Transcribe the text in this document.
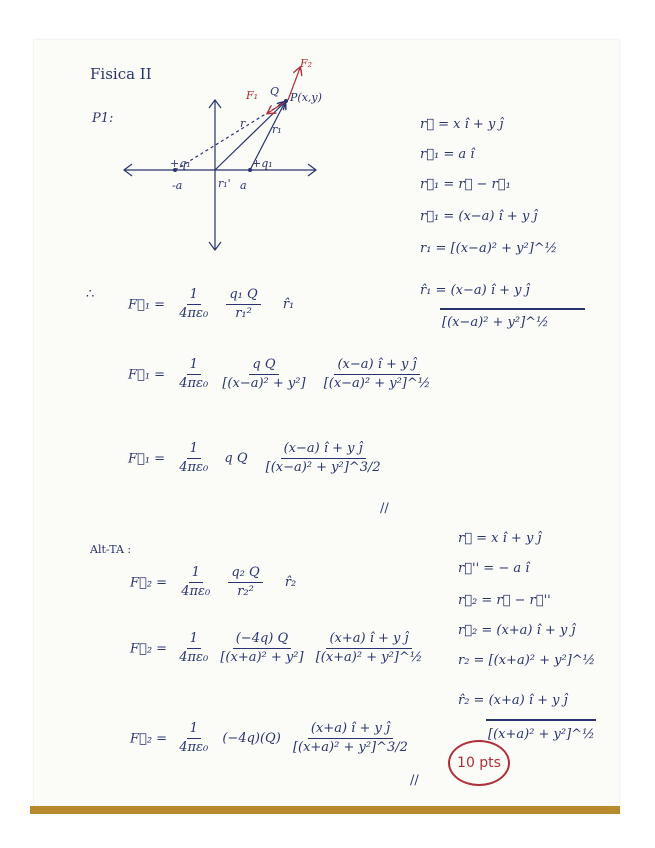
Fisica II
P1:
F₂
F₁ Q P(x,y)
r r₁
+q₁	+q₁
-a	a
r₁'
r⃗ = x î + y ĵ
r⃗₁ = a î
r⃗₁ = r⃗ − r⃗₁
r⃗₁ = (x−a) î + y ĵ
r₁ = [(x−a)² + y²]^½
r̂₁ = (x−a) î + y ĵ
[(x−a)² + y²]^½
∴
F⃗₁ = $\frac{1}{\text{4πε₀}}$
$\frac{\text{q₁ Q}}{\text{r₁²}}$ r̂₁
F⃗₁ = $\frac{1}{\text{4πε₀}}$
$\frac{\text{q Q}}{\text{[(x−a)² + y²]}}$
$\frac{\text{(x−a) î + y ĵ}}{\text{[(x−a)² + y²]\textasciicircum{}½}}$
F⃗₁ = $\frac{1}{\text{4πε₀}}$ q Q $\frac{\text{(x−a) î + y ĵ}}{\text{[(x−a)² + y²]\textasciicircum{}3/2}}$
//
Alt-TA :
r⃗ = x î + y ĵ
r⃗'' = − a î
r⃗₂ = r⃗ − r⃗''
r⃗₂ = (x+a) î + y ĵ
r₂ = [(x+a)² + y²]^½
r̂₂ = (x+a) î + y ĵ
[(x+a)² + y²]^½
F⃗₂ = $\frac{1}{\text{4πε₀}}$
$\frac{\text{q₂ Q}}{\text{r₂²}}$ r̂₂
F⃗₂ = $\frac{1}{\text{4πε₀}}$
$\frac{(-4q) Q}{\text{[(x+a)² + y²]}}$
$\frac{\text{(x+a) î + y ĵ}}{\text{[(x+a)² + y²]\textasciicircum{}½}}$
F⃗₂ = $\frac{1}{\text{4πε₀}} (-4q)(Q) \frac{\text{(x+a) î + y ĵ}}{\text{[(x+a)² + y²]\textasciicircum{}3/2}}$
//
10 pts
